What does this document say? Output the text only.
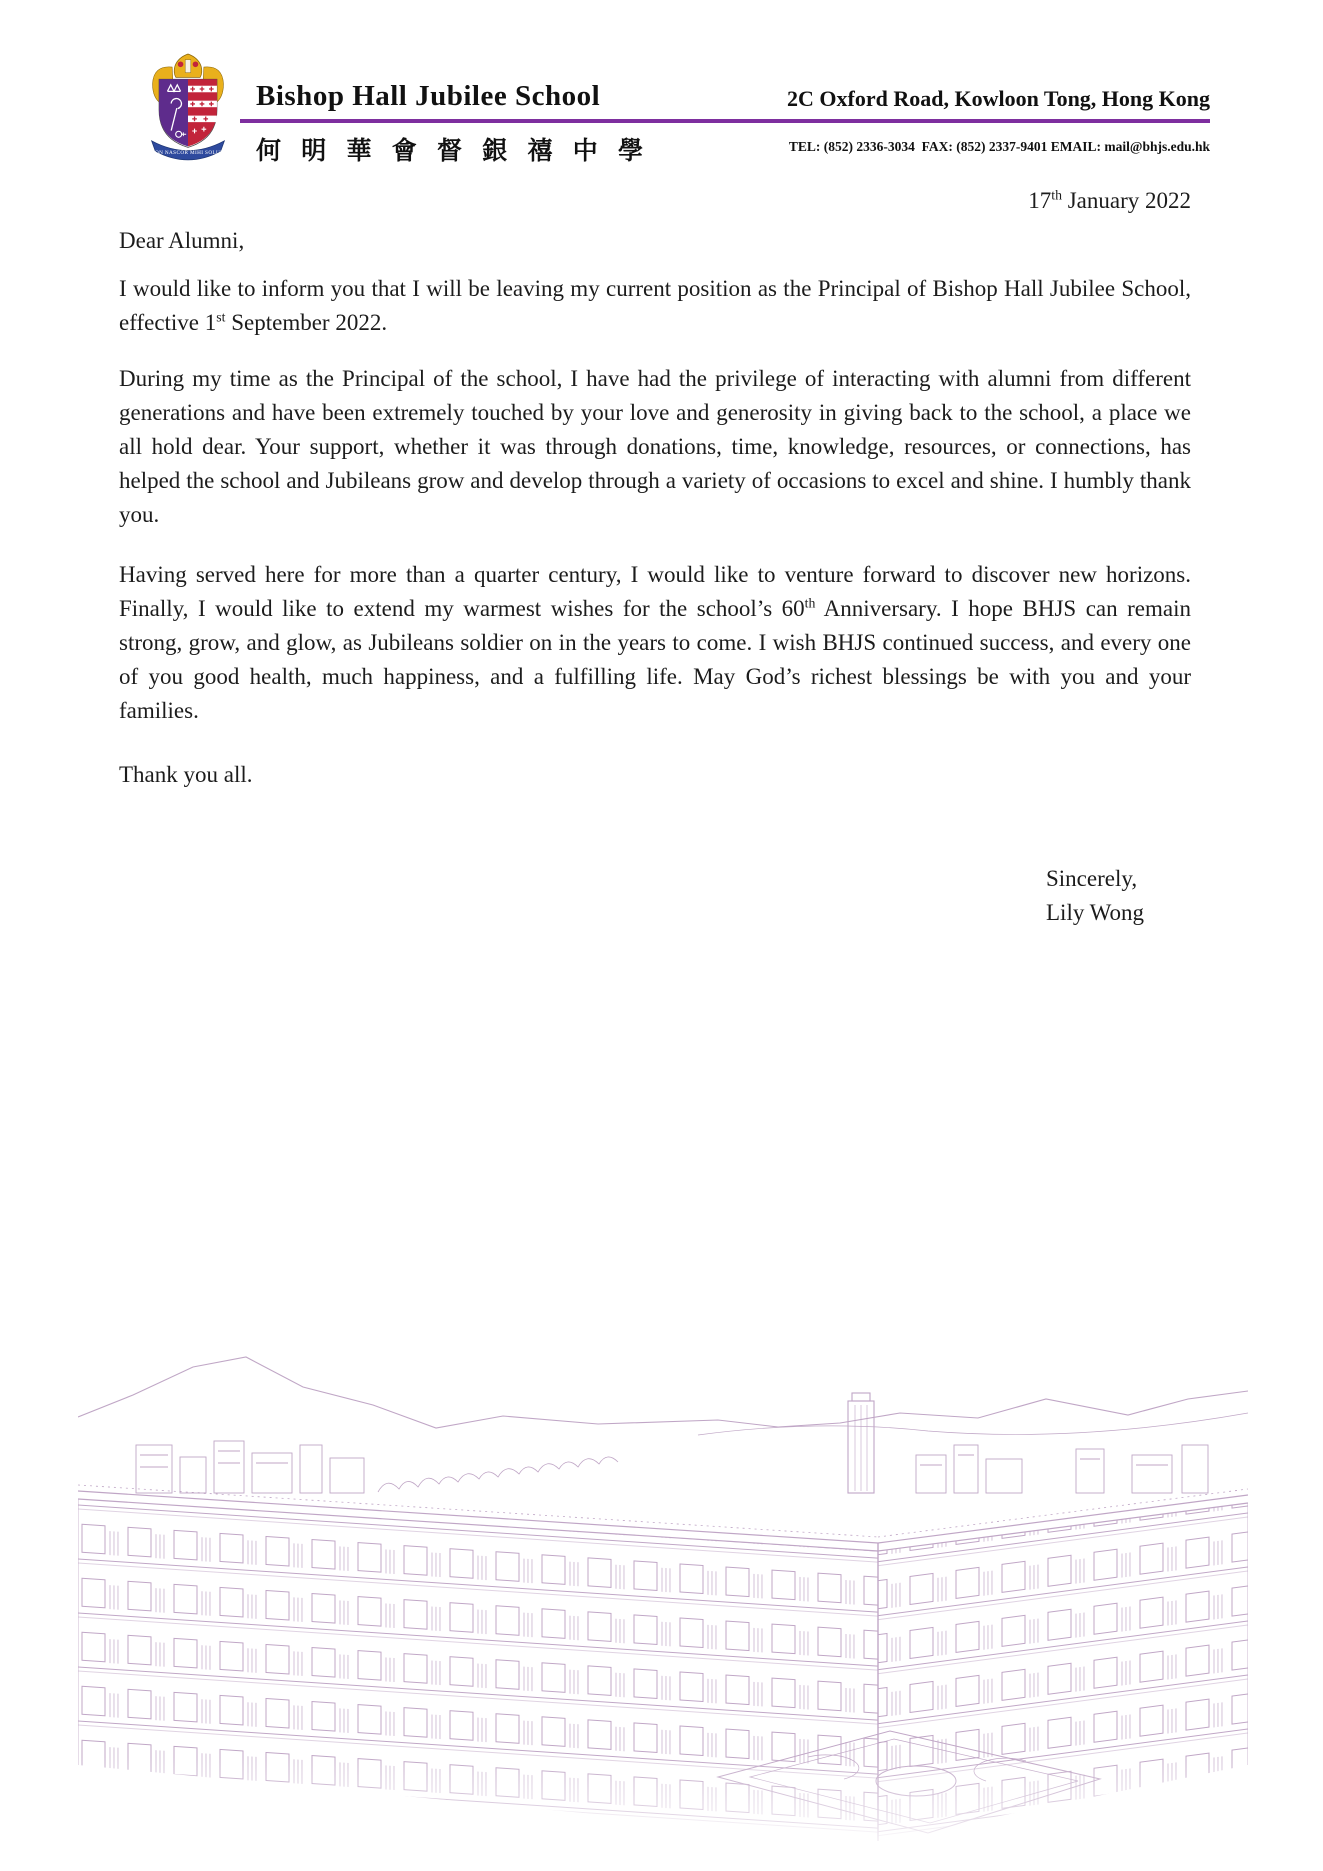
NON NASCOR MIHI SOLUM
Bishop Hall Jubilee School
何 明 華 會 督 銀 禧 中 學
2C Oxford Road, Kowloon Tong, Hong Kong
TEL: (852) 2336-3034  FAX: (852) 2337-9401 EMAIL: mail@bhjs.edu.hk
17th January 2022
Dear Alumni,

I would like to inform you that I will be leaving my current position as the Principal of Bishop Hall Jubilee School, effective 1st September 2022.

During my time as the Principal of the school, I have had the privilege of interacting with alumni from different generations and have been extremely touched by your love and generosity in giving back to the school, a place we all hold dear. Your support, whether it was through donations, time, knowledge, resources, or connections, has helped the school and Jubileans grow and develop through a variety of occasions to excel and shine. I humbly thank you.

Having served here for more than a quarter century, I would like to venture forward to discover new horizons. Finally, I would like to extend my warmest wishes for the school’s 60th Anniversary. I hope BHJS can remain strong, grow, and glow, as Jubileans soldier on in the years to come. I wish BHJS continued success, and every one of you good health, much happiness, and a fulfilling life. May God’s richest blessings be with you and your families.

Thank you all.

Sincerely,
Lily Wong
